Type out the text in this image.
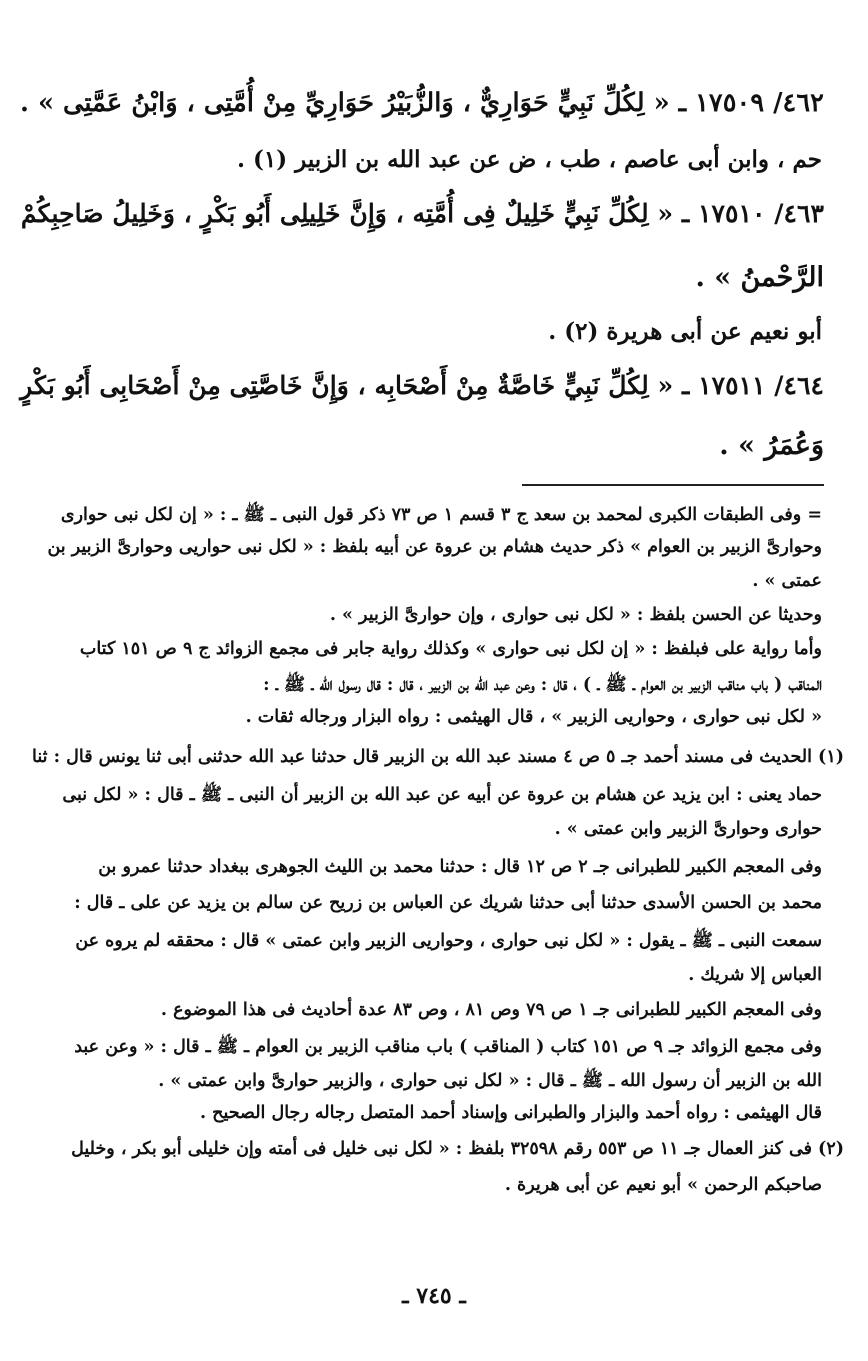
٤٦٢/ ١٧٥٠٩ ـ « لِكُلِّ نَبِيٍّ حَوَارِيٌّ ، وَالزُّبَيْرُ حَوَارِيِّ مِنْ أُمَّتِى ، وَابْنُ عَمَّتِى » .
حم ، وابن أبى عاصم ، طب ، ض عن عبد الله بن الزبير (١) .
٤٦٣/ ١٧٥١٠ ـ « لِكُلِّ نَبِيٍّ خَلِيلٌ فِى أُمَّتِه ، وَإِنَّ خَلِيلِى أَبُو بَكْرٍ ، وَخَلِيلُ صَاحِبِكُمْ
الرَّحْمنُ » .
أبو نعيم عن أبى هريرة (٢) .
٤٦٤/ ١٧٥١١ ـ « لِكُلِّ نَبِيٍّ خَاصَّةٌ مِنْ أَصْحَابِه ، وَإِنَّ خَاصَّتِى مِنْ أَصْحَابِى أَبُو بَكْرٍ
وَعُمَرُ » .
= وفى الطبقات الكبرى لمحمد بن سعد ج ٣ قسم ١ ص ٧٣ ذكر قول النبى ـ ﷺ ـ : « إن لكل نبى حوارى
وحوارىَّ الزبير بن العوام » ذكر حديث هشام بن عروة عن أبيه بلفظ : « لكل نبى حواريى وحوارىَّ الزبير بن
عمتى » .
وحديثا عن الحسن بلفظ : « لكل نبى حوارى ، وإن حوارىَّ الزبير » .
وأما رواية على فبلفظ : « إن لكل نبى حوارى » وكذلك رواية جابر فى مجمع الزوائد ج ٩ ص ١٥١ كتاب
المناقب ( باب مناقب الزبير بن العوام ـ ﷺ ـ ) ، قال : وعن عبد الله بن الزبير ، قال : قال رسول الله ـ ﷺ ـ :
« لكل نبى حوارى ، وحواريى الزبير » ، قال الهيثمى : رواه البزار ورجاله ثقات .
(١) الحديث فى مسند أحمد جـ ٥ ص ٤ مسند عبد الله بن الزبير قال حدثنا عبد الله حدثنى أبى ثنا يونس قال : ثنا
حماد يعنى : ابن يزيد عن هشام بن عروة عن أبيه عن عبد الله بن الزبير أن النبى ـ ﷺ ـ قال : « لكل نبى
حوارى وحوارىَّ الزبير وابن عمتى » .
وفى المعجم الكبير للطبرانى جـ ٢ ص ١٢ قال : حدثنا محمد بن الليث الجوهرى ببغداد حدثنا عمرو بن
محمد بن الحسن الأسدى حدثنا أبى حدثنا شريك عن العباس بن زريح عن سالم بن يزيد عن على ـ قال :
سمعت النبى ـ ﷺ ـ يقول : « لكل نبى حوارى ، وحواريى الزبير وابن عمتى » قال : محققه لم يروه عن
العباس إلا شريك .
وفى المعجم الكبير للطبرانى جـ ١ ص ٧٩ وص ٨١ ، وص ٨٣ عدة أحاديث فى هذا الموضوع .
وفى مجمع الزوائد جـ ٩ ص ١٥١ كتاب ( المناقب ) باب مناقب الزبير بن العوام ـ ﷺ ـ قال : « وعن عبد
الله بن الزبير أن رسول الله ـ ﷺ ـ قال : « لكل نبى حوارى ، والزبير حوارىَّ وابن عمتى » .
قال الهيثمى : رواه أحمد والبزار والطبرانى وإسناد أحمد المتصل رجاله رجال الصحيح .
(٢) فى كنز العمال جـ ١١ ص ٥٥٣ رقم ٣٢٥٩٨ بلفظ : « لكل نبى خليل فى أمته وإن خليلى أبو بكر ، وخليل
صاحبكم الرحمن » أبو نعيم عن أبى هريرة .
ـ ٧٤٥ ـ
